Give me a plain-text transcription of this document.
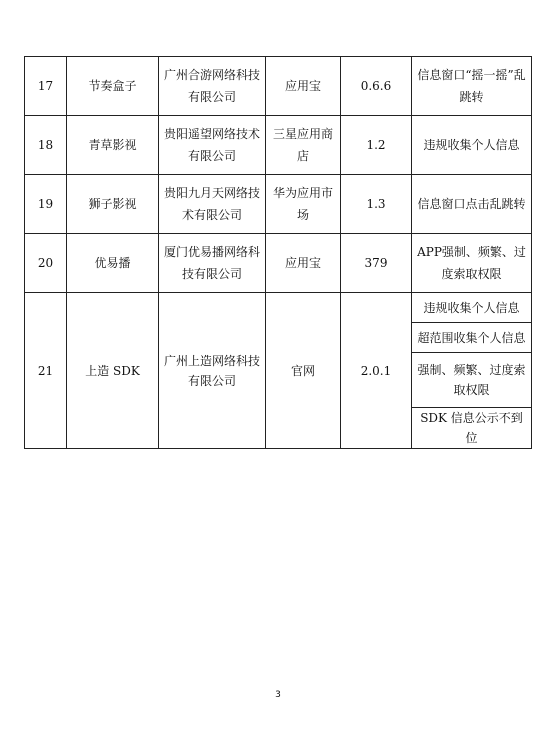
17	节奏盒子	广州合游网络科技有限公司	应用宝	0.6.6	信息窗口“摇一摇”乱跳转
18	青草影视	贵阳遥望网络技术有限公司	三星应用商店	1.2	违规收集个人信息
19	狮子影视	贵阳九月天网络技术有限公司	华为应用市场	1.3	信息窗口点击乱跳转
20	优易播	厦门优易播网络科技有限公司	应用宝	379	APP强制、频繁、过度索取权限
21	上造 SDK	广州上造网络科技有限公司	官网	2.0.1	违规收集个人信息
					超范围收集个人信息
					强制、频繁、过度索取权限
					SDK 信息公示不到位
3
